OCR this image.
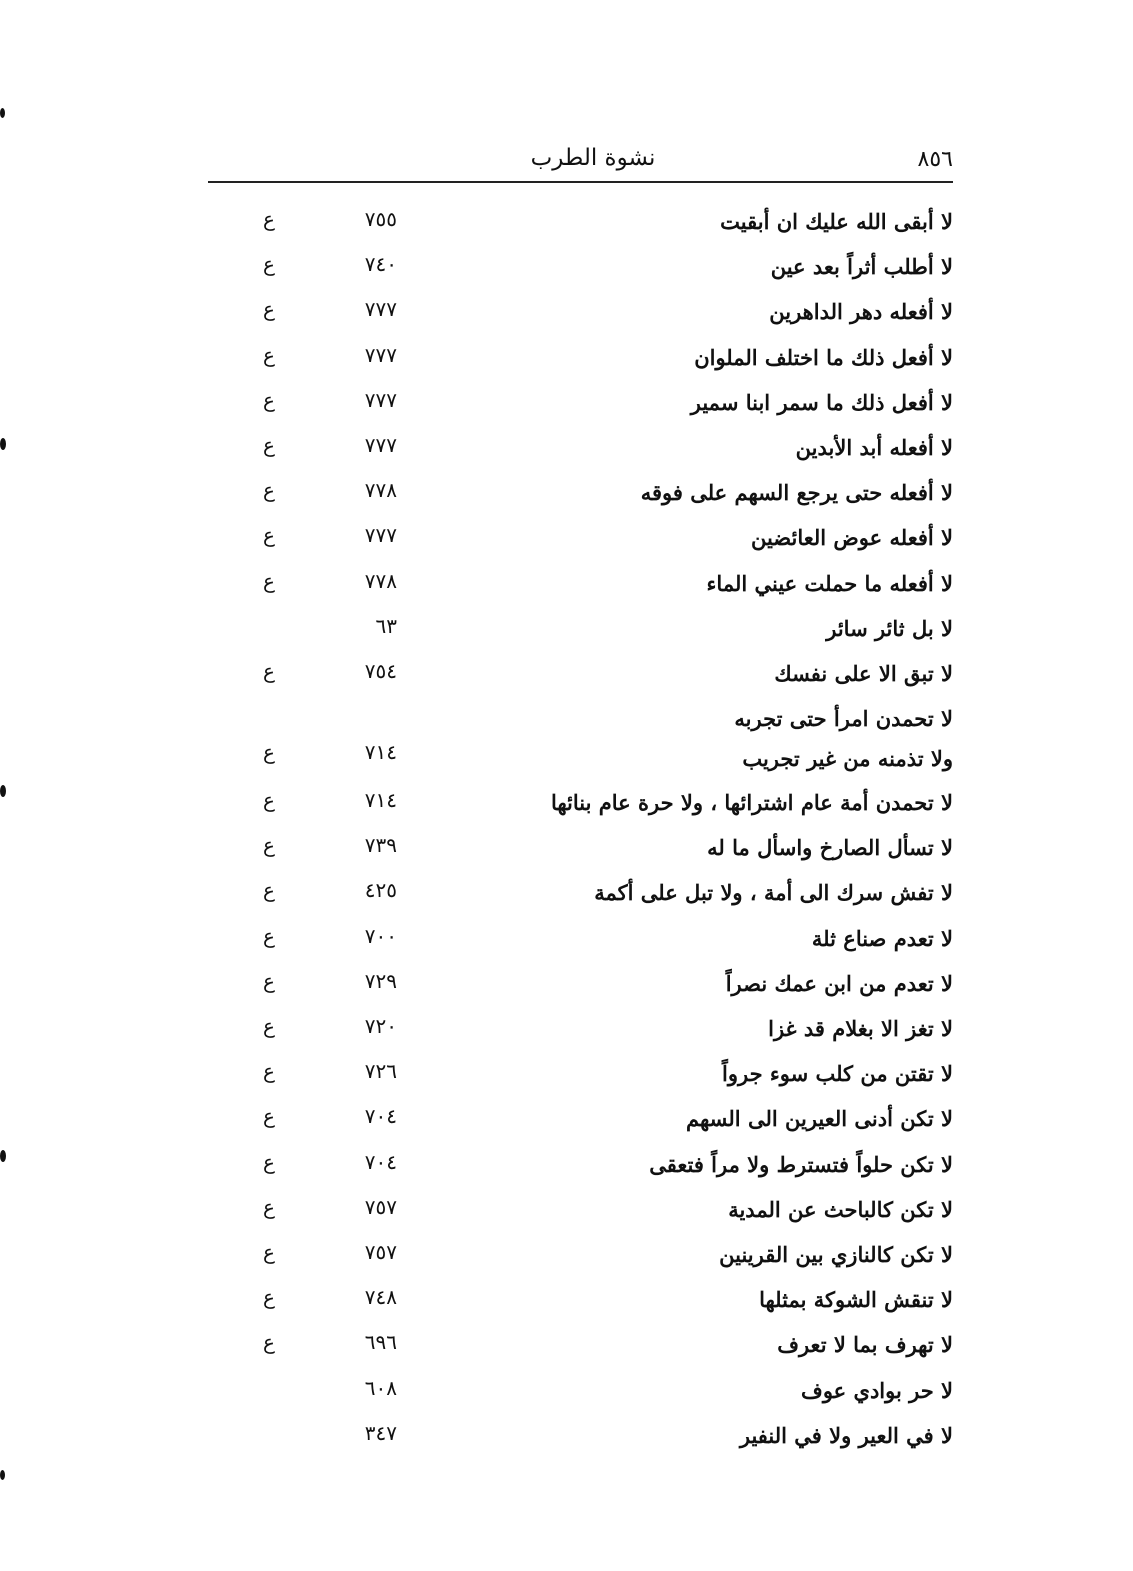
٨٥٦
نشوة الطرب
لا أبقى الله عليك ان أبقيت
٧٥٥
ع
لا أطلب أثراً بعد عين
٧٤٠
ع
لا أفعله دهر الداهرين
٧٧٧
ع
لا أفعل ذلك ما اختلف الملوان
٧٧٧
ع
لا أفعل ذلك ما سمر ابنا سمير
٧٧٧
ع
لا أفعله أبد الأبدين
٧٧٧
ع
لا أفعله حتى يرجع السهم على فوقه
٧٧٨
ع
لا أفعله عوض العائضين
٧٧٧
ع
لا أفعله ما حملت عيني الماء
٧٧٨
ع
لا بل ثائر سائر
٦٣
لا تبق الا على نفسك
٧٥٤
ع
لا تحمدن امرأ حتى تجربه
ولا تذمنه من غير تجريب
٧١٤
ع
لا تحمدن أمة عام اشترائها ، ولا حرة عام بنائها
٧١٤
ع
لا تسأل الصارخ واسأل ما له
٧٣٩
ع
لا تفش سرك الى أمة ، ولا تبل على أكمة
٤٢٥
ع
لا تعدم صناع ثلة
٧٠٠
ع
لا تعدم من ابن عمك نصراً
٧٢٩
ع
لا تغز الا بغلام قد غزا
٧٢٠
ع
لا تقتن من كلب سوء جرواً
٧٢٦
ع
لا تكن أدنى العيرين الى السهم
٧٠٤
ع
لا تكن حلواً فتسترط ولا مراً فتعقى
٧٠٤
ع
لا تكن كالباحث عن المدية
٧٥٧
ع
لا تكن كالنازي بين القرينين
٧٥٧
ع
لا تنقش الشوكة بمثلها
٧٤٨
ع
لا تهرف بما لا تعرف
٦٩٦
ع
لا حر بوادي عوف
٦٠٨
لا في العير ولا في النفير
٣٤٧
